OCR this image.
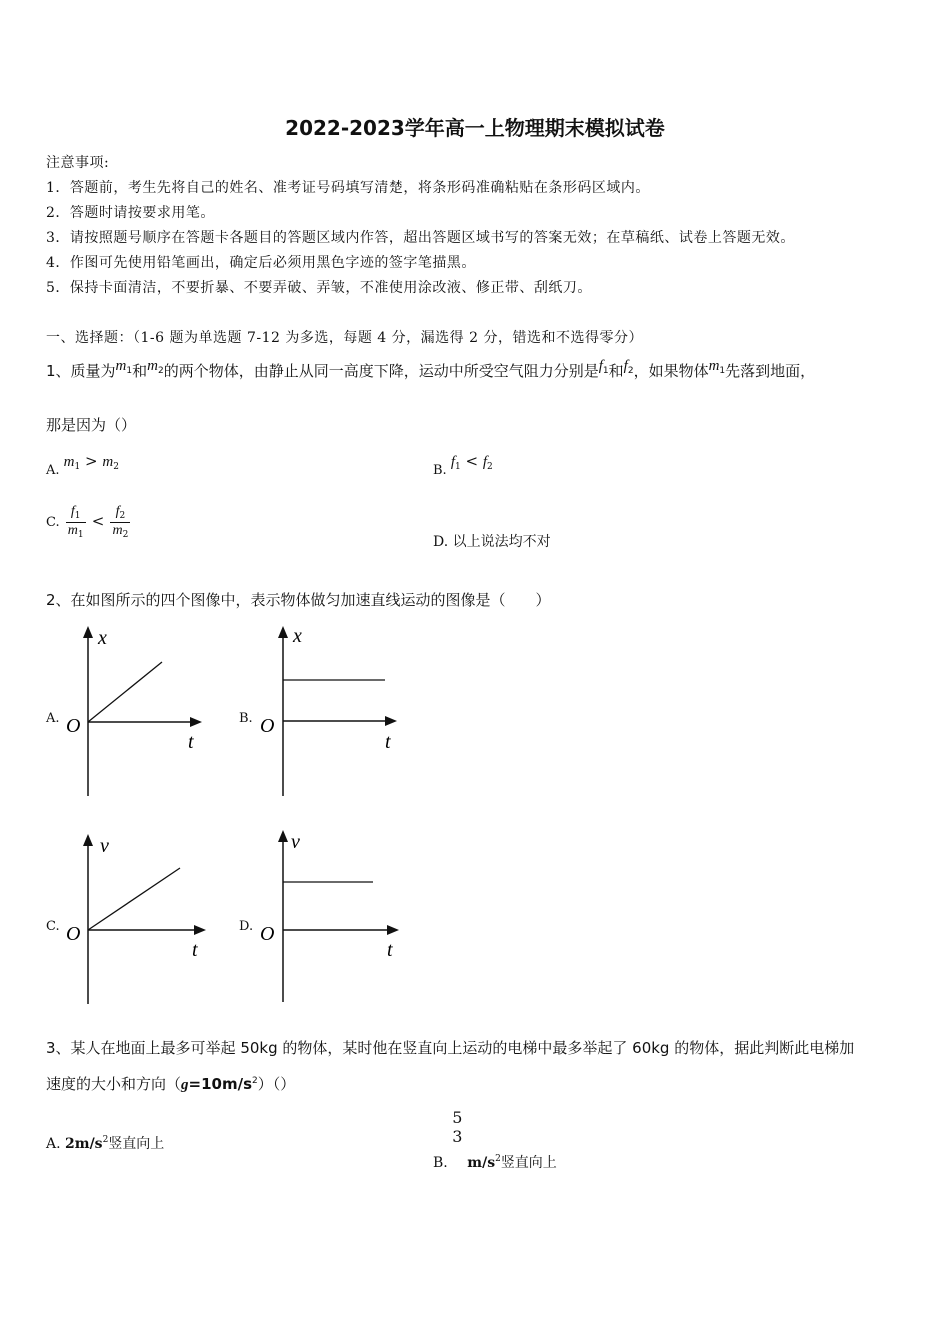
2022-2023学年高一上物理期末模拟试卷
注意事项:
1．答题前，考生先将自己的姓名、准考证号码填写清楚，将条形码准确粘贴在条形码区域内。
2．答题时请按要求用笔。
3．请按照题号顺序在答题卡各题目的答题区域内作答，超出答题区域书写的答案无效；在草稿纸、试卷上答题无效。
4．作图可先使用铅笔画出，确定后必须用黑色字迹的签字笔描黑。
5．保持卡面清洁，不要折暴、不要弄破、弄皱，不准使用涂改液、修正带、刮纸刀。
一、选择题：（1-6 题为单选题 7-12 为多选，每题 4 分，漏选得 2 分，错选和不选得零分）
1、质量为$m_1$和$m_2$的两个物体，由静止从同一高度下降，运动中所受空气阻力分别是$f_1$和$f_2$，如果物体$m_1$先落到地面，
那是因为（）
A. $m_1 > m_2$	B. $f_1 < f_2$
C. $\frac{f_1}{m_1} < \frac{f_2}{m_2}$
D. 以上说法均不对
2、在如图所示的四个图像中，表示物体做匀加速直线运动的图像是（　　）
A.
x
t
O	B.
x
t
O
C.
v
t
O	D.
v
t
O
3、某人在地面上最多可举起 50kg 的物体，某时他在竖直向上运动的电梯中最多举起了 60kg 的物体，据此判断此电梯加
速度的大小和方向$(g=10m/s^2)()$
A. $2m/s^2$竖直向上
B.
5
3
$m/s_2$竖直向上
